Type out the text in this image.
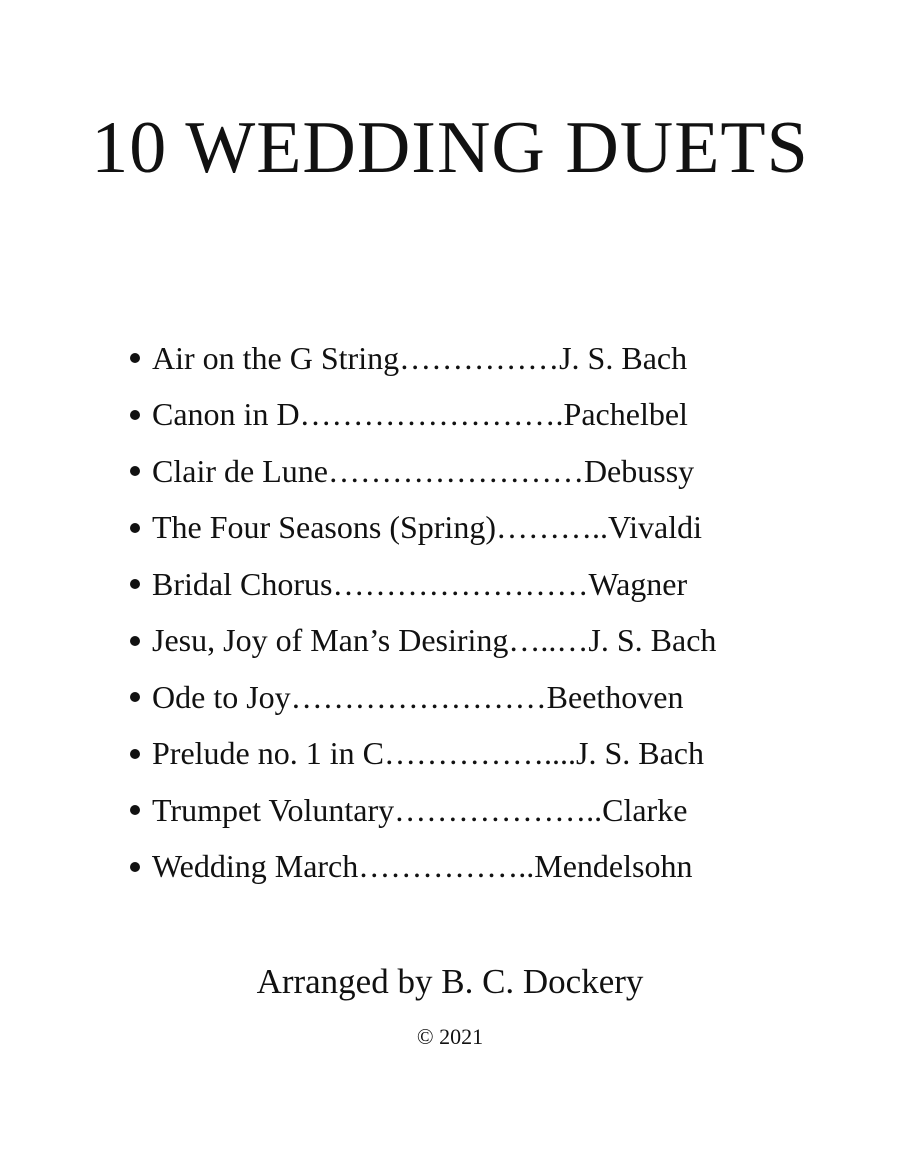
10 WEDDING DUETS
Air on the G String……………J. S. Bach
Canon in D…………………….Pachelbel
Clair de Lune……………………Debussy
The Four Seasons (Spring)………..Vivaldi
Bridal Chorus……………………Wagner
Jesu, Joy of Man’s Desiring…..…J. S. Bach
Ode to Joy……………………Beethoven
Prelude no. 1 in C……………....J. S. Bach
Trumpet Voluntary………………..Clarke
Wedding March……………..Mendelsohn

Arranged by B. C. Dockery

© 2021
